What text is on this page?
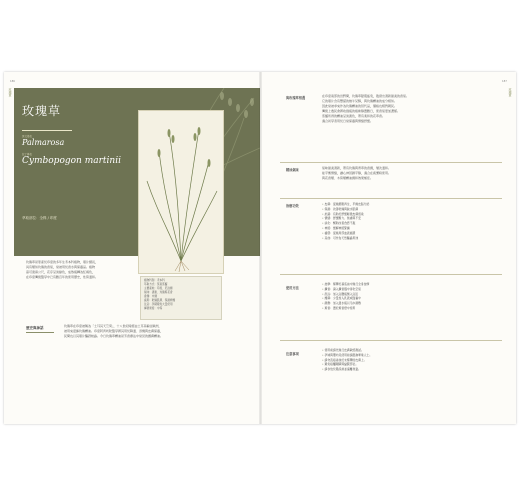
186
玫瑰草
英文俗名
Palmarosa
拉丁學名
Cymbopogon martinii
萃取部位：全株 / 印度
玫瑰草是原產於印度的多年生禾本科植物，葉片細長，
具有類似玫瑰的香氣，常被用於香水與保養品。植物
高可達兩公尺，花序呈淡綠色，成熟後轉為紅褐色，
在印度傳統醫學中已有數百年的使用歷史，性質溫和。
植物科別：禾本科
萃取方式：蒸氣蒸餾
主要產地：印度、尼泊爾
氣味：清甜、玫瑰般花香
香調：中調
適用：乾燥肌膚、保濕修護
注意：孕期避免大量使用
揮發速度：中等
歷史與神話	玫瑰草在印度被稱為「土耳其天竺葵」，十八世紀時經由土耳其輸往歐洲，
被用來混摻玫瑰精油。印度阿育吠陀醫學將其用於降溫、退燒與皮膚保養，
民間也以其葉片驅趕蚊蟲。今日玫瑰草精油是芳香療法中常見的護膚精油。
187
玫瑰草
玫瑰草
與玫瑰草相遇	在印度南部的田野間，玫瑰草隨風搖曳，散發出清新甜美的香氣。
它的葉片含有豐富的牻牛兒醇，與玫瑰精油的成分相似。
因此常被拿來作為玫瑰精油的替代品，價格也相對親民。
傳統上農民會將收割後的植株靜置數日，使香氣更加濃郁。
蒸餾所得的精油呈淡黃色，帶有柔和的花草香。
適合初學者用於日常保養與情緒舒緩。
精油氣味	氣味甜美清新，帶有玫瑰與青草的香調，層次溫和。
能平衡情緒，讓心神回歸平靜，適合在疲憊時使用。
與花香類、木質類精油調和效果極佳。
治療功效
•	皮膚：促進細胞再生，平衡皮脂分泌
• 保濕：改善乾燥與缺水肌膚
• 抗菌：有助於舒緩輕微皮膚感染
• 情緒：舒緩壓力、焦慮與不安
• 消化：幫助改善食慾不振
• 神經：緩解神經緊繃
• 循環：促進局部血液循環
• 其他：可作為天然驅蟲用途
使用方法
• 按摩：稀釋於基底油中進行全身按摩
• 擴香：滴入擴香儀中淨化空氣
• 泡浴：加入浴鹽後倒入浴缸
• 護膚：少量加入乳液或面霜中
• 濕敷：加入溫水後以毛巾濕敷
• 薰香：置於薰香燈中使用
注意事項
• 使用前請先進行皮膚敏感測試。
• 孕婦與嬰幼兒使用前請諮詢專業人士。
• 請勿直接塗抹於未稀釋的皮膚上。
• 避免接觸眼睛與黏膜部位。
• 請存放於陰涼處並遠離孩童。
